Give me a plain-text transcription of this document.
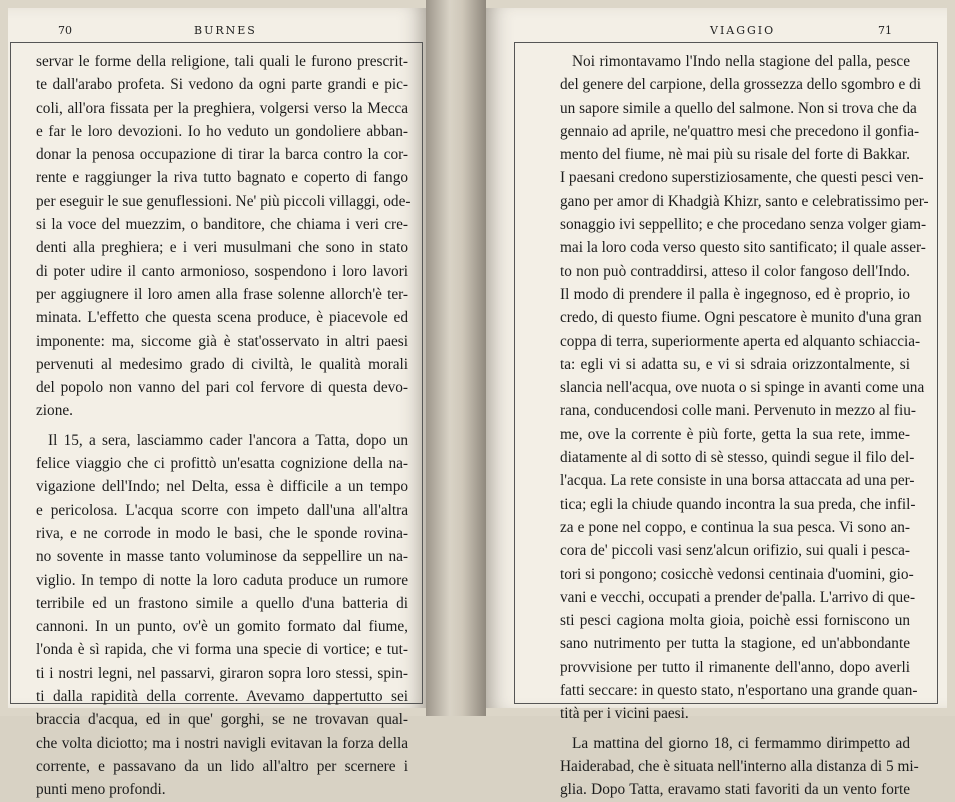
70	BURNES
servar le forme della religione, tali quali le furono prescrit-
te dall'arabo profeta. Si vedono da ogni parte grandi e pic-
coli, all'ora fissata per la preghiera, volgersi verso la Mecca
e far le loro devozioni. Io ho veduto un gondoliere abban-
donar la penosa occupazione di tirar la barca contro la cor-
rente e raggiunger la riva tutto bagnato e coperto di fango
per eseguir le sue genuflessioni. Ne' più piccoli villaggi, ode-
si la voce del muezzim, o banditore, che chiama i veri cre-
denti alla preghiera; e i veri musulmani che sono in stato
di poter udire il canto armonioso, sospendono i loro lavori
per aggiugnere il loro amen alla frase solenne allorch'è ter-
minata. L'effetto che questa scena produce, è piacevole ed
imponente: ma, siccome già è stat'osservato in altri paesi
pervenuti al medesimo grado di civiltà, le qualità morali
del popolo non vanno del pari col fervore di questa devo-
zione.
Il 15, a sera, lasciammo cader l'ancora a Tatta, dopo un
felice viaggio che ci profittò un'esatta cognizione della na-
vigazione dell'Indo; nel Delta, essa è difficile a un tempo
e pericolosa. L'acqua scorre con impeto dall'una all'altra
riva, e ne corrode in modo le basi, che le sponde rovina-
no sovente in masse tanto voluminose da seppellire un na-
viglio. In tempo di notte la loro caduta produce un rumore
terribile ed un frastono simile a quello d'una batteria di
cannoni. In un punto, ov'è un gomito formato dal fiume,
l'onda è sì rapida, che vi forma una specie di vortice; e tut-
ti i nostri legni, nel passarvi, giraron sopra loro stessi, spin-
ti dalla rapidità della corrente. Avevamo dappertutto sei
braccia d'acqua, ed in que' gorghi, se ne trovavan qual-
che volta diciotto; ma i nostri navigli evitavan la forza della
corrente, e passavano da un lido all'altro per scernere i
punti meno profondi.
VIAGGIO	71
Noi rimontavamo l'Indo nella stagione del palla, pesce
del genere del carpione, della grossezza dello sgombro e di
un sapore simile a quello del salmone. Non si trova che da
gennaio ad aprile, ne'quattro mesi che precedono il gonfia-
mento del fiume, nè mai più su risale del forte di Bakkar.
I paesani credono superstiziosamente, che questi pesci ven-
gano per amor di Khadgià Khizr, santo e celebratissimo per-
sonaggio ivi seppellito; e che procedano senza volger giam-
mai la loro coda verso questo sito santificato; il quale asser-
to non può contraddirsi, atteso il color fangoso dell'Indo.
Il modo di prendere il palla è ingegnoso, ed è proprio, io
credo, di questo fiume. Ogni pescatore è munito d'una gran
coppa di terra, superiormente aperta ed alquanto schiaccia-
ta: egli vi si adatta su, e vi si sdraia orizzontalmente, si
slancia nell'acqua, ove nuota o si spinge in avanti come una
rana, conducendosi colle mani. Pervenuto in mezzo al fiu-
me, ove la corrente è più forte, getta la sua rete, imme-
diatamente al di sotto di sè stesso, quindi segue il filo del-
l'acqua. La rete consiste in una borsa attaccata ad una per-
tica; egli la chiude quando incontra la sua preda, che infil-
za e pone nel coppo, e continua la sua pesca. Vi sono an-
cora de' piccoli vasi senz'alcun orifizio, sui quali i pesca-
tori si pongono; cosicchè vedonsi centinaia d'uomini, gio-
vani e vecchi, occupati a prender de'palla. L'arrivo di que-
sti pesci cagiona molta gioia, poichè essi forniscono un
sano nutrimento per tutta la stagione, ed un'abbondante
provvisione per tutto il rimanente dell'anno, dopo averli
fatti seccare: in questo stato, n'esportano una grande quan-
tità per i vicini paesi.
La mattina del giorno 18, ci fermammo dirimpetto ad
Haiderabad, che è situata nell'interno alla distanza di 5 mi-
glia. Dopo Tatta, eravamo stati favoriti da un vento forte
